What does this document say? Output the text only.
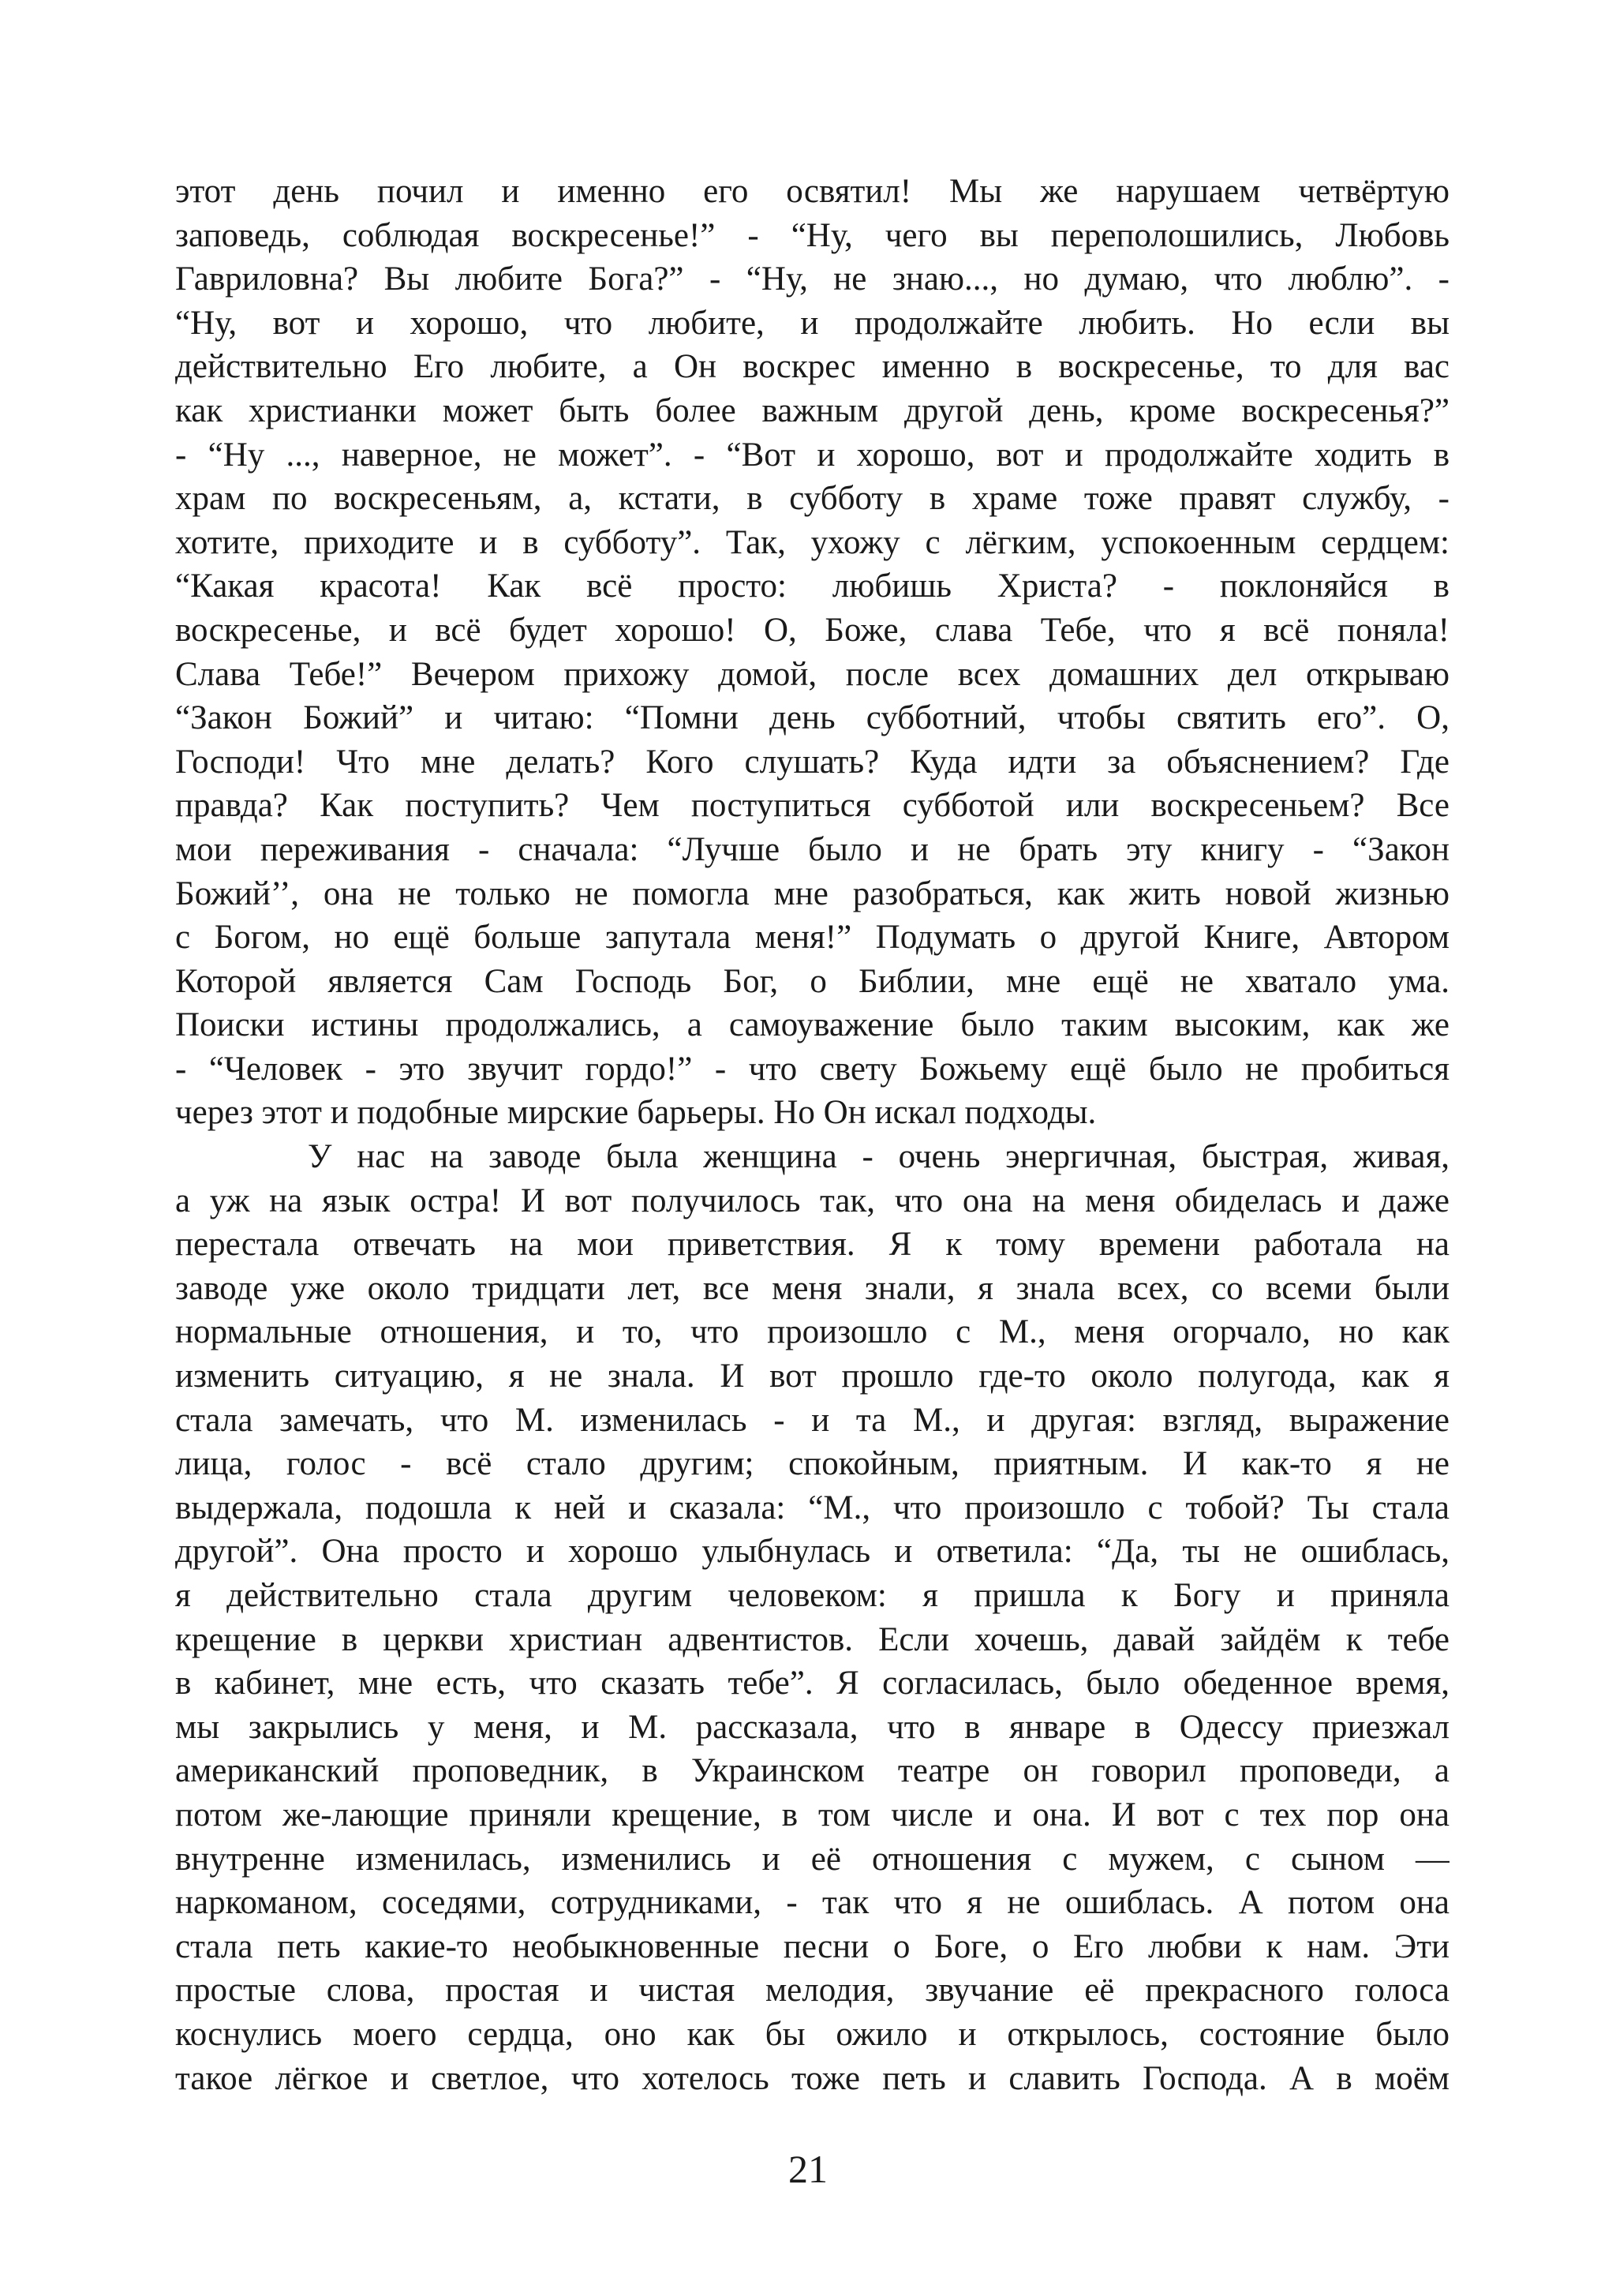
этот день почил и именно его освятил! Мы же нарушаем четвёртую
заповедь, соблюдая воскресенье!” - “Ну, чего вы переполошились, Любовь
Гавриловна? Вы любите Бога?” - “Ну, не знаю..., но думаю, что люблю”. -
“Ну, вот и хорошо, что любите, и продолжайте любить. Но если вы
действительно Его любите, а Он воскрес именно в воскресенье, то для вас
как христианки может быть более важным другой день, кроме воскресенья?”
- “Ну ..., наверное, не может”. - “Вот и хорошо, вот и продолжайте ходить в
храм по воскресеньям, а, кстати, в субботу в храме тоже правят службу, -
хотите, приходите и в субботу”. Так, ухожу с лёгким, успокоенным сердцем:
“Какая красота! Как всё просто: любишь Христа? - поклоняйся в
воскресенье, и всё будет хорошо! О, Боже, слава Тебе, что я всё поняла!
Слава Тебе!” Вечером прихожу домой, после всех домашних дел открываю
“Закон Божий” и читаю: “Помни день субботний, чтобы святить его”. О,
Господи! Что мне делать? Кого слушать? Куда идти за объяснением? Где
правда? Как поступить? Чем поступиться субботой или воскресеньем? Все
мои переживания - сначала: “Лучше было и не брать эту книгу - “Закон
Божий’’, она не только не помогла мне разобраться, как жить новой жизнью
с Богом, но ещё больше запутала меня!” Подумать о другой Книге, Автором
Которой является Сам Господь Бог, о Библии, мне ещё не хватало ума.
Поиски истины продолжались, а самоуважение было таким высоким, как же
- “Человек - это звучит гордо!” - что свету Божьему ещё было не пробиться
через этот и подобные мирские барьеры. Но Он искал подходы.
У нас на заводе была женщина - очень энергичная, быстрая, живая,
а уж на язык остра! И вот получилось так, что она на меня обиделась и даже
перестала отвечать на мои приветствия. Я к тому времени работала на
заводе уже около тридцати лет, все меня знали, я знала всех, со всеми были
нормальные отношения, и то, что произошло с М., меня огорчало, но как
изменить ситуацию, я не знала. И вот прошло где-то около полугода, как я
стала замечать, что М. изменилась - и та М., и другая: взгляд, выражение
лица, голос - всё стало другим; спокойным, приятным. И как-то я не
выдержала, подошла к ней и сказала: “М., что произошло с тобой? Ты стала
другой”. Она просто и хорошо улыбнулась и ответила: “Да, ты не ошиблась,
я действительно стала другим человеком: я пришла к Богу и приняла
крещение в церкви христиан адвентистов. Если хочешь, давай зайдём к тебе
в кабинет, мне есть, что сказать тебе”. Я согласилась, было обеденное время,
мы закрылись у меня, и М. рассказала, что в январе в Одессу приезжал
американский проповедник, в Украинском театре он говорил проповеди, а
потом же-лающие приняли крещение, в том числе и она. И вот с тех пор она
внутренне изменилась, изменились и её отношения с мужем, с сыном —
наркоманом, соседями, сотрудниками, - так что я не ошиблась. А потом она
стала петь какие-то необыкновенные песни о Боге, о Его любви к нам. Эти
простые слова, простая и чистая мелодия, звучание её прекрасного голоса
коснулись моего сердца, оно как бы ожило и открылось, состояние было
такое лёгкое и светлое, что хотелось тоже петь и славить Господа. А в моём
21
